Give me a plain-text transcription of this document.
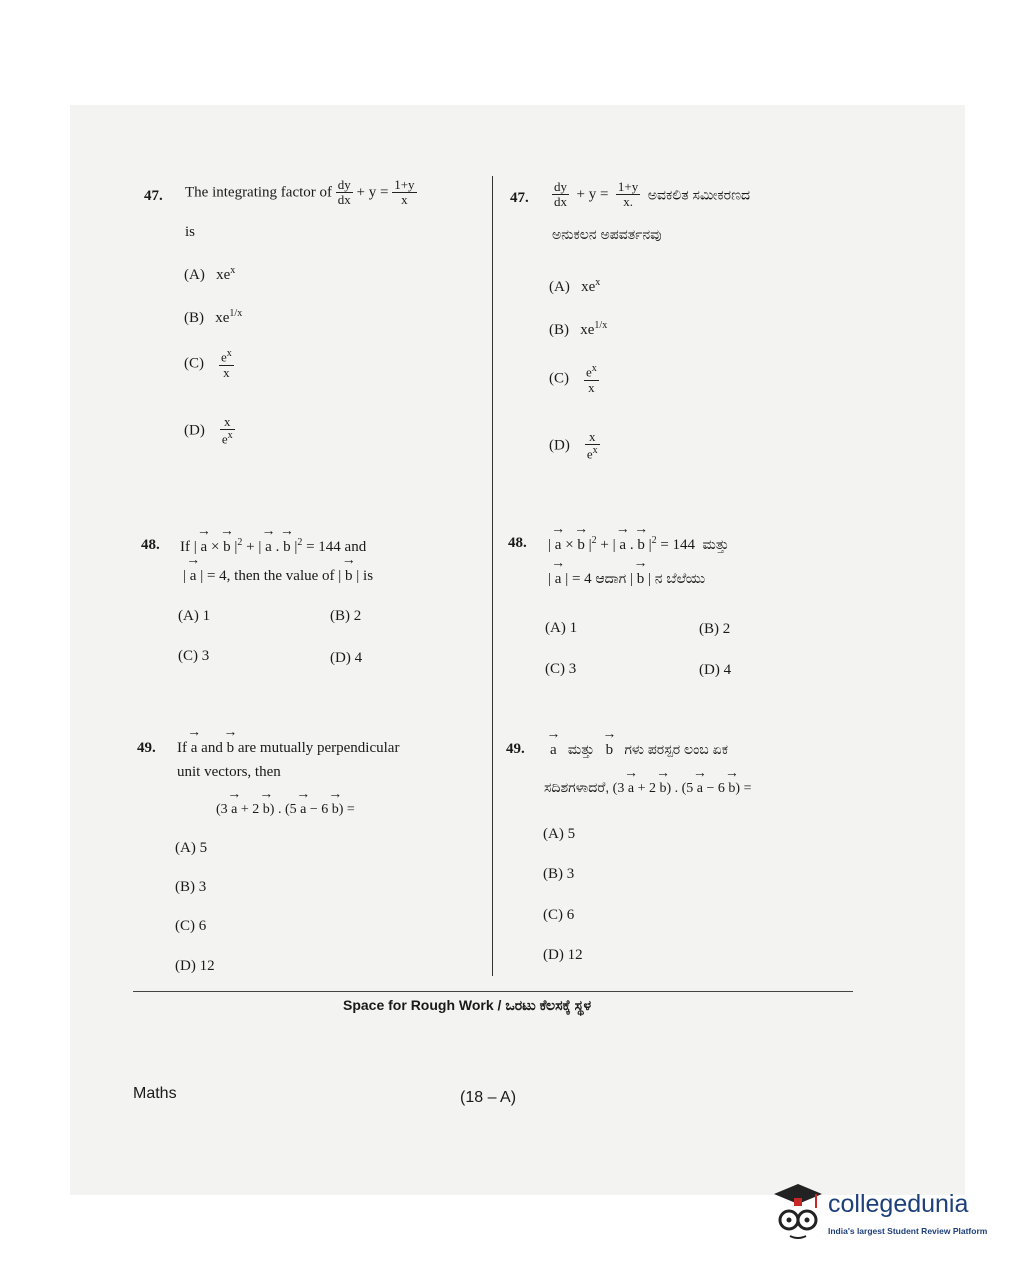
47. The integrating factor of $\frac{dy}{dx} + y = \frac{1+y}{x}$
is
(A) $xe^x$
(B) $xe^{1/x}$
$(C) \frac{e^x}{x}$
$(D) \frac{x}{e^x}$
47. $\frac{dy}{dx} + y = \frac{1+y}{x.}$ ಅವಕಲಿತ ಸಮೀಕರಣದ
ಅನುಕಲನ ಅಪವರ್ತನವು
(A) $xe^x$
(B) $xe^{1/x}$
$(C) \frac{e^x}{x}$
$(D) \frac{x}{e^x}$
48. If | → a × → b $|^2$ + | → a . → b $|^2 = 144$ and
| → a | = 4, then the value of | → b | is
(A) 1	(B) 2
(C) 3	(D) 4
48. | → a × → b $|^2$ + | → a . → b $|^2 = 144$ ಮತ್ತು
| → a | = 4 ಆದಾಗ | → b | ನ ಬೆಲೆಯು
(A) 1	(B) 2
(C) 3	(D) 4
49. If → a and → b are mutually perpendicular
unit vectors, then
(3 → a + 2 → b) . (5 → a − 6 → b) =
(A) 5
(B) 3
(C) 6
(D) 12
49. → a ಮತ್ತು → b ಗಳು ಪರಸ್ಪರ ಲಂಬ ಏಕ
ಸದಿಶಗಳಾದರೆ, (3 → a + 2 → b) . (5 → a − 6 → b) =
(A) 5
(B) 3
(C) 6
(D) 12
Space for Rough Work / ಒರಟು ಕೆಲಸಕ್ಕೆ ಸ್ಥಳ
Maths	(18 – A)
collegedunia
India's largest Student Review Platform
